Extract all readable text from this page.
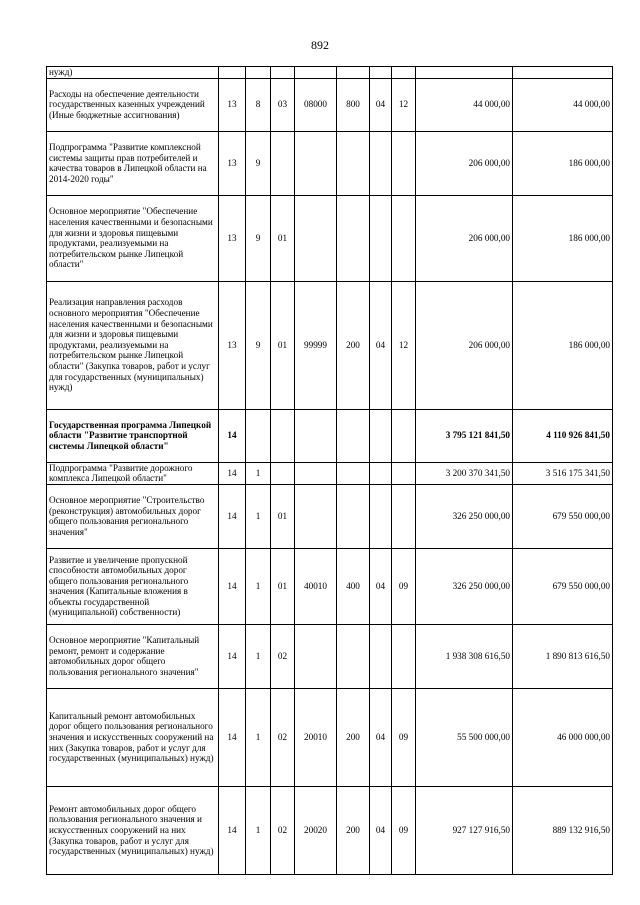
892
нужд)									
Расходы на обеспечение деятельности государственных казенных учреждений (Иные бюджетные ассигнования)	13	8	03	08000	800	04	12	44 000,00	44 000,00
Подпрограмма "Развитие комплексной системы защиты прав потребителей и качества товаров в Липецкой области на 2014-2020 годы"	13	9						206 000,00	186 000,00
Основное мероприятие "Обеспечение населения качественными и безопасными для жизни и здоровья пищевыми продуктами, реализуемыми на потребительском рынке Липецкой области"	13	9	01					206 000,00	186 000,00
Реализация направления расходов основного мероприятия "Обеспечение населения качественными и безопасными для жизни и здоровья пищевыми продуктами, реализуемыми на потребительском рынке Липецкой области" (Закупка товаров, работ и услуг для государственных (муниципальных) нужд)	13	9	01	99999	200	04	12	206 000,00	186 000,00
Государственная программа Липецкой области "Развитие транспортной системы Липецкой области"	14							3 795 121 841,50	4 110 926 841,50
Подпрограмма "Развитие дорожного комплекса Липецкой области"	14	1						3 200 370 341,50	3 516 175 341,50
Основное мероприятие "Строительство (реконструкция) автомобильных дорог общего пользования регионального значения"	14	1	01					326 250 000,00	679 550 000,00
Развитие и увеличение пропускной способности автомобильных дорог общего пользования регионального значения (Капитальные вложения в объекты государственной (муниципальной) собственности)	14	1	01	40010	400	04	09	326 250 000,00	679 550 000,00
Основное мероприятие "Капитальный ремонт, ремонт и содержание автомобильных дорог общего пользования регионального значения"	14	1	02					1 938 308 616,50	1 890 813 616,50
Капитальный ремонт автомобильных дорог общего пользования регионального значения и искусственных сооружений на них (Закупка товаров, работ и услуг для государственных (муниципальных) нужд)	14	1	02	20010	200	04	09	55 500 000,00	46 000 000,00
Ремонт автомобильных дорог общего пользования регионального значения и искусственных сооружений на них (Закупка товаров, работ и услуг для государственных (муниципальных) нужд)	14	1	02	20020	200	04	09	927 127 916,50	889 132 916,50
